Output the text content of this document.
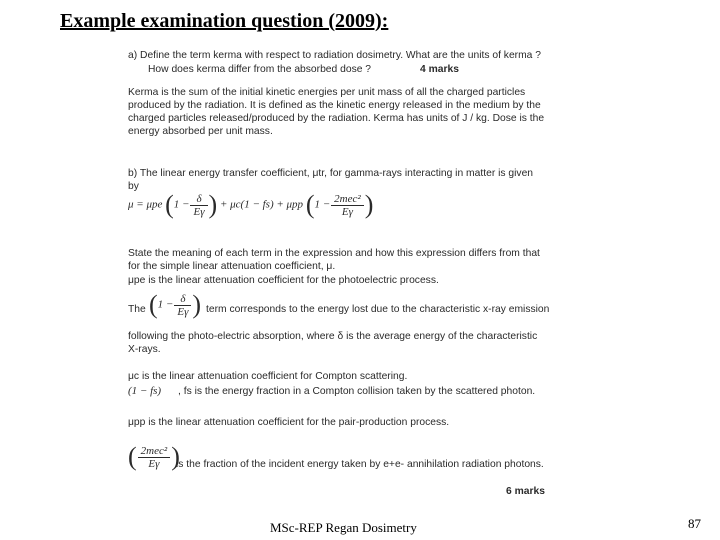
Example examination question (2009):
a) Define the term kerma with respect to radiation dosimetry. What are the units of kerma ?
How does kerma differ from the absorbed dose ?	4 marks
Kerma is the sum of the initial kinetic energies per unit mass of all the charged particles
produced by the radiation. It is defined as the kinetic energy released in the medium by the
charged particles released/produced by the radiation. Kerma has units of J / kg. Dose is the
energy absorbed per unit mass.
b) The linear energy transfer coefficient, μtr, for gamma-rays interacting in matter is given
by
μ = μpe ($1 - \frac{\delta}{E\gamma}$ ) + μc(1 − fs) + μpp ($1 - \frac{\text{2mec²}}{E\gamma}$ )
State the meaning of each term in the expression and how this expression differs from that
for the simple linear attenuation coefficient, μ.
μpe is the linear attenuation coefficient for the photoelectric process.
The ($1 - \frac{\delta}{E\gamma}$ ) term corresponds to the energy lost due to the characteristic x-ray emission
following the photo-electric absorption, where δ is the average energy of the characteristic
X-rays.
μc is the linear attenuation coefficient for Compton scattering.
(1 − fs) , fs is the energy fraction in a Compton collision taken by the scattered photon.
μpp is the linear attenuation coefficient for the pair-production process.
( $\frac{\text{2mec²}}{E\gamma}$ )
is the fraction of the incident energy taken by e+e- annihilation radiation photons.
6 marks
MSc-REP Regan Dosimetry	87
